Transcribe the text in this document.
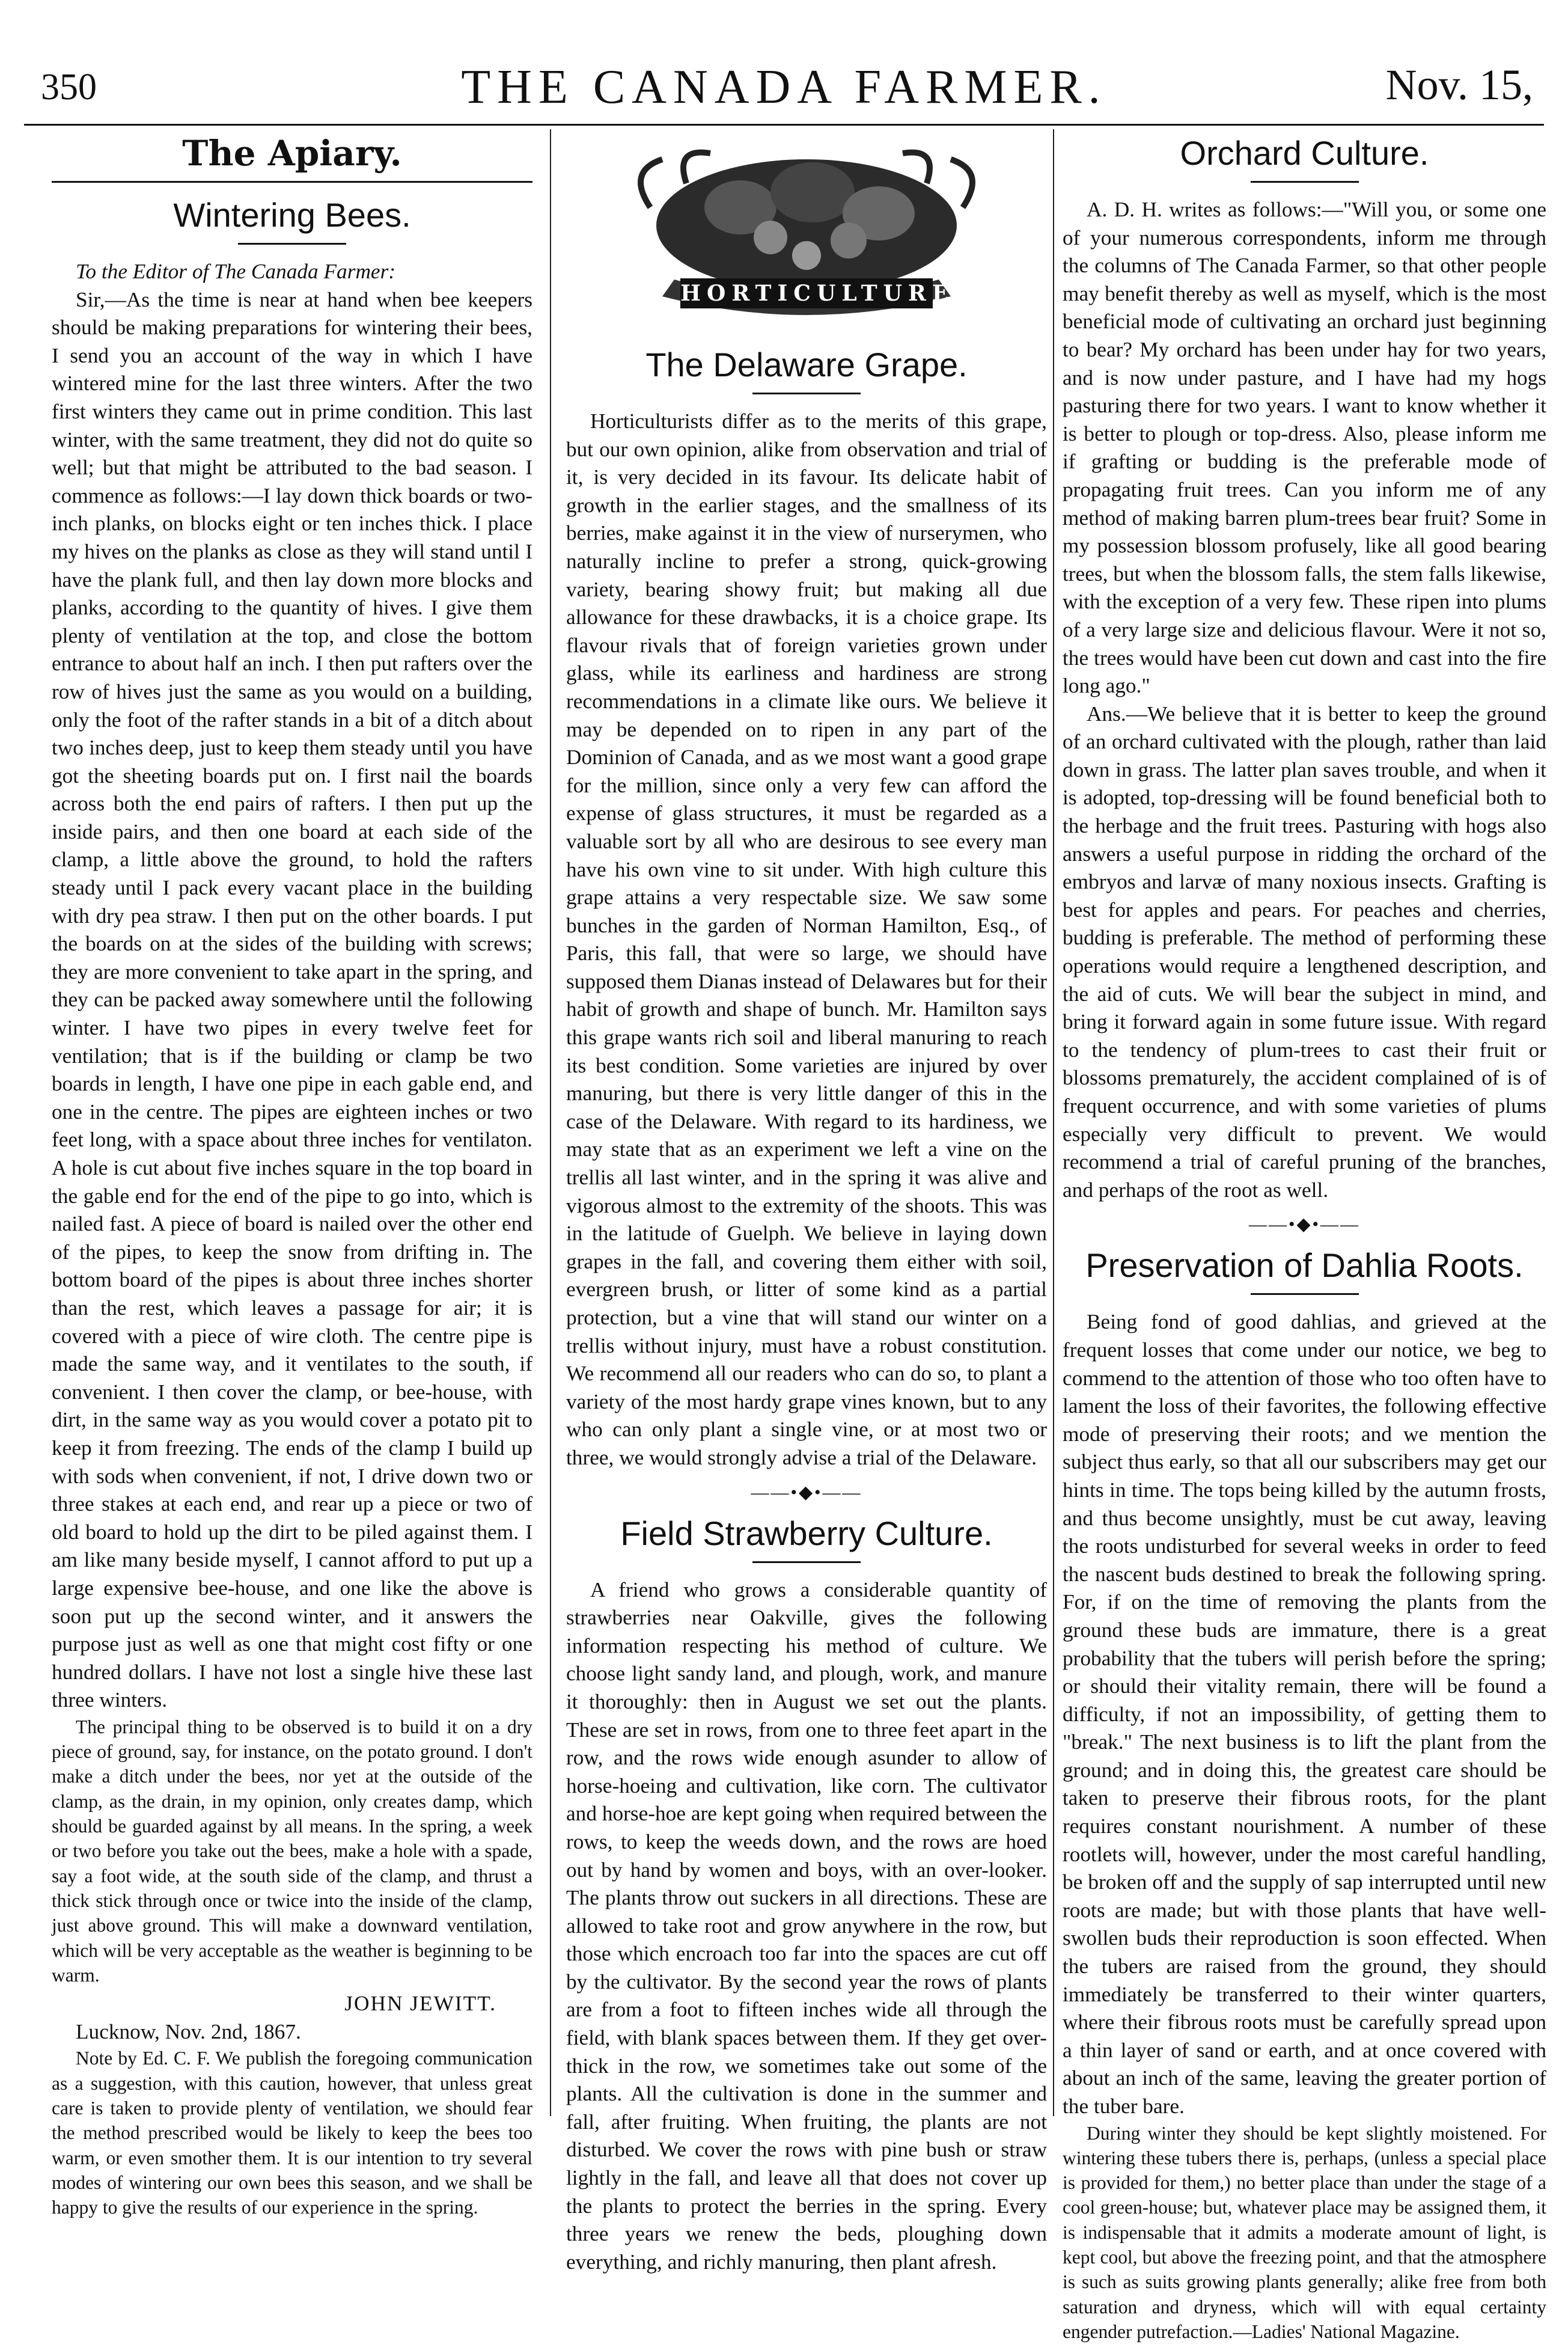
350	THE CANADA FARMER.	Nov. 15,
The Apiary.
Wintering Bees.

To the Editor of The Canada Farmer:

Sir,—As the time is near at hand when bee keepers should be making preparations for wintering their bees, I send you an account of the way in which I have wintered mine for the last three winters. After the two first winters they came out in prime condition. This last winter, with the same treatment, they did not do quite so well; but that might be attributed to the bad season. I commence as follows:—I lay down thick boards or two-inch planks, on blocks eight or ten inches thick. I place my hives on the planks as close as they will stand until I have the plank full, and then lay down more blocks and planks, according to the quantity of hives. I give them plenty of ventilation at the top, and close the bottom entrance to about half an inch. I then put rafters over the row of hives just the same as you would on a building, only the foot of the rafter stands in a bit of a ditch about two inches deep, just to keep them steady until you have got the sheeting boards put on. I first nail the boards across both the end pairs of rafters. I then put up the inside pairs, and then one board at each side of the clamp, a little above the ground, to hold the rafters steady until I pack every vacant place in the building with dry pea straw. I then put on the other boards. I put the boards on at the sides of the building with screws; they are more convenient to take apart in the spring, and they can be packed away somewhere until the following winter. I have two pipes in every twelve feet for ventilation; that is if the building or clamp be two boards in length, I have one pipe in each gable end, and one in the centre. The pipes are eighteen inches or two feet long, with a space about three inches for ventilaton. A hole is cut about five inches square in the top board in the gable end for the end of the pipe to go into, which is nailed fast. A piece of board is nailed over the other end of the pipes, to keep the snow from drifting in. The bottom board of the pipes is about three inches shorter than the rest, which leaves a passage for air; it is covered with a piece of wire cloth. The centre pipe is made the same way, and it ventilates to the south, if convenient. I then cover the clamp, or bee-house, with dirt, in the same way as you would cover a potato pit to keep it from freezing. The ends of the clamp I build up with sods when convenient, if not, I drive down two or three stakes at each end, and rear up a piece or two of old board to hold up the dirt to be piled against them. I am like many beside myself, I cannot afford to put up a large expensive bee-house, and one like the above is soon put up the second winter, and it answers the purpose just as well as one that might cost fifty or one hundred dollars. I have not lost a single hive these last three winters.

The principal thing to be observed is to build it on a dry piece of ground, say, for instance, on the potato ground. I don't make a ditch under the bees, nor yet at the outside of the clamp, as the drain, in my opinion, only creates damp, which should be guarded against by all means. In the spring, a week or two before you take out the bees, make a hole with a spade, say a foot wide, at the south side of the clamp, and thrust a thick stick through once or twice into the inside of the clamp, just above ground. This will make a downward ventilation, which will be very acceptable as the weather is beginning to be warm.

JOHN JEWITT.

Lucknow, Nov. 2nd, 1867.

Note by Ed. C. F. We publish the foregoing communication as a suggestion, with this caution, however, that unless great care is taken to provide plenty of ventilation, we should fear the method prescribed would be likely to keep the bees too warm, or even smother them. It is our intention to try several modes of wintering our own bees this season, and we shall be happy to give the results of our experience in the spring.

HORTICULTURE
The Delaware Grape.

Horticulturists differ as to the merits of this grape, but our own opinion, alike from observation and trial of it, is very decided in its favour. Its delicate habit of growth in the earlier stages, and the smallness of its berries, make against it in the view of nurserymen, who naturally incline to prefer a strong, quick-growing variety, bearing showy fruit; but making all due allowance for these drawbacks, it is a choice grape. Its flavour rivals that of foreign varieties grown under glass, while its earliness and hardiness are strong recommendations in a climate like ours. We believe it may be depended on to ripen in any part of the Dominion of Canada, and as we most want a good grape for the million, since only a very few can afford the expense of glass structures, it must be regarded as a valuable sort by all who are desirous to see every man have his own vine to sit under. With high culture this grape attains a very respectable size. We saw some bunches in the garden of Norman Hamilton, Esq., of Paris, this fall, that were so large, we should have supposed them Dianas instead of Delawares but for their habit of growth and shape of bunch. Mr. Hamilton says this grape wants rich soil and liberal manuring to reach its best condition. Some varieties are injured by over manuring, but there is very little danger of this in the case of the Delaware. With regard to its hardiness, we may state that as an experiment we left a vine on the trellis all last winter, and in the spring it was alive and vigorous almost to the extremity of the shoots. This was in the latitude of Guelph. We believe in laying down grapes in the fall, and covering them either with soil, evergreen brush, or litter of some kind as a partial protection, but a vine that will stand our winter on a trellis without injury, must have a robust constitution. We recommend all our readers who can do so, to plant a variety of the most hardy grape vines known, but to any who can only plant a single vine, or at most two or three, we would strongly advise a trial of the Delaware.

——•◆•——
Field Strawberry Culture.

A friend who grows a considerable quantity of strawberries near Oakville, gives the following information respecting his method of culture. We choose light sandy land, and plough, work, and manure it thoroughly: then in August we set out the plants. These are set in rows, from one to three feet apart in the row, and the rows wide enough asunder to allow of horse-hoeing and cultivation, like corn. The cultivator and horse-hoe are kept going when required between the rows, to keep the weeds down, and the rows are hoed out by hand by women and boys, with an over-looker. The plants throw out suckers in all directions. These are allowed to take root and grow anywhere in the row, but those which encroach too far into the spaces are cut off by the cultivator. By the second year the rows of plants are from a foot to fifteen inches wide all through the field, with blank spaces between them. If they get over-thick in the row, we sometimes take out some of the plants. All the cultivation is done in the summer and fall, after fruiting. When fruiting, the plants are not disturbed. We cover the rows with pine bush or straw lightly in the fall, and leave all that does not cover up the plants to protect the berries in the spring. Every three years we renew the beds, ploughing down everything, and richly manuring, then plant afresh.

Orchard Culture.

A. D. H. writes as follows:—"Will you, or some one of your numerous correspondents, inform me through the columns of The Canada Farmer, so that other people may benefit thereby as well as myself, which is the most beneficial mode of cultivating an orchard just beginning to bear? My orchard has been under hay for two years, and is now under pasture, and I have had my hogs pasturing there for two years. I want to know whether it is better to plough or top-dress. Also, please inform me if grafting or budding is the preferable mode of propagating fruit trees. Can you inform me of any method of making barren plum-trees bear fruit? Some in my possession blossom profusely, like all good bearing trees, but when the blossom falls, the stem falls likewise, with the exception of a very few. These ripen into plums of a very large size and delicious flavour. Were it not so, the trees would have been cut down and cast into the fire long ago."

Ans.—We believe that it is better to keep the ground of an orchard cultivated with the plough, rather than laid down in grass. The latter plan saves trouble, and when it is adopted, top-dressing will be found beneficial both to the herbage and the fruit trees. Pasturing with hogs also answers a useful purpose in ridding the orchard of the embryos and larvæ of many noxious insects. Grafting is best for apples and pears. For peaches and cherries, budding is preferable. The method of performing these operations would require a lengthened description, and the aid of cuts. We will bear the subject in mind, and bring it forward again in some future issue. With regard to the tendency of plum-trees to cast their fruit or blossoms prematurely, the accident complained of is of frequent occurrence, and with some varieties of plums especially very difficult to prevent. We would recommend a trial of careful pruning of the branches, and perhaps of the root as well.

——•◆•——
Preservation of Dahlia Roots.

Being fond of good dahlias, and grieved at the frequent losses that come under our notice, we beg to commend to the attention of those who too often have to lament the loss of their favorites, the following effective mode of preserving their roots; and we mention the subject thus early, so that all our subscribers may get our hints in time. The tops being killed by the autumn frosts, and thus become unsightly, must be cut away, leaving the roots undisturbed for several weeks in order to feed the nascent buds destined to break the following spring. For, if on the time of removing the plants from the ground these buds are immature, there is a great probability that the tubers will perish before the spring; or should their vitality remain, there will be found a difficulty, if not an impossibility, of getting them to "break." The next business is to lift the plant from the ground; and in doing this, the greatest care should be taken to preserve their fibrous roots, for the plant requires constant nourishment. A number of these rootlets will, however, under the most careful handling, be broken off and the supply of sap interrupted until new roots are made; but with those plants that have well-swollen buds their reproduction is soon effected. When the tubers are raised from the ground, they should immediately be transferred to their winter quarters, where their fibrous roots must be carefully spread upon a thin layer of sand or earth, and at once covered with about an inch of the same, leaving the greater portion of the tuber bare.

During winter they should be kept slightly moistened. For wintering these tubers there is, perhaps, (unless a special place is provided for them,) no better place than under the stage of a cool green-house; but, whatever place may be assigned them, it is indispensable that it admits a moderate amount of light, is kept cool, but above the freezing point, and that the atmosphere is such as suits growing plants generally; alike free from both saturation and dryness, which will with equal certainty engender putrefaction.—Ladies' National Magazine.
